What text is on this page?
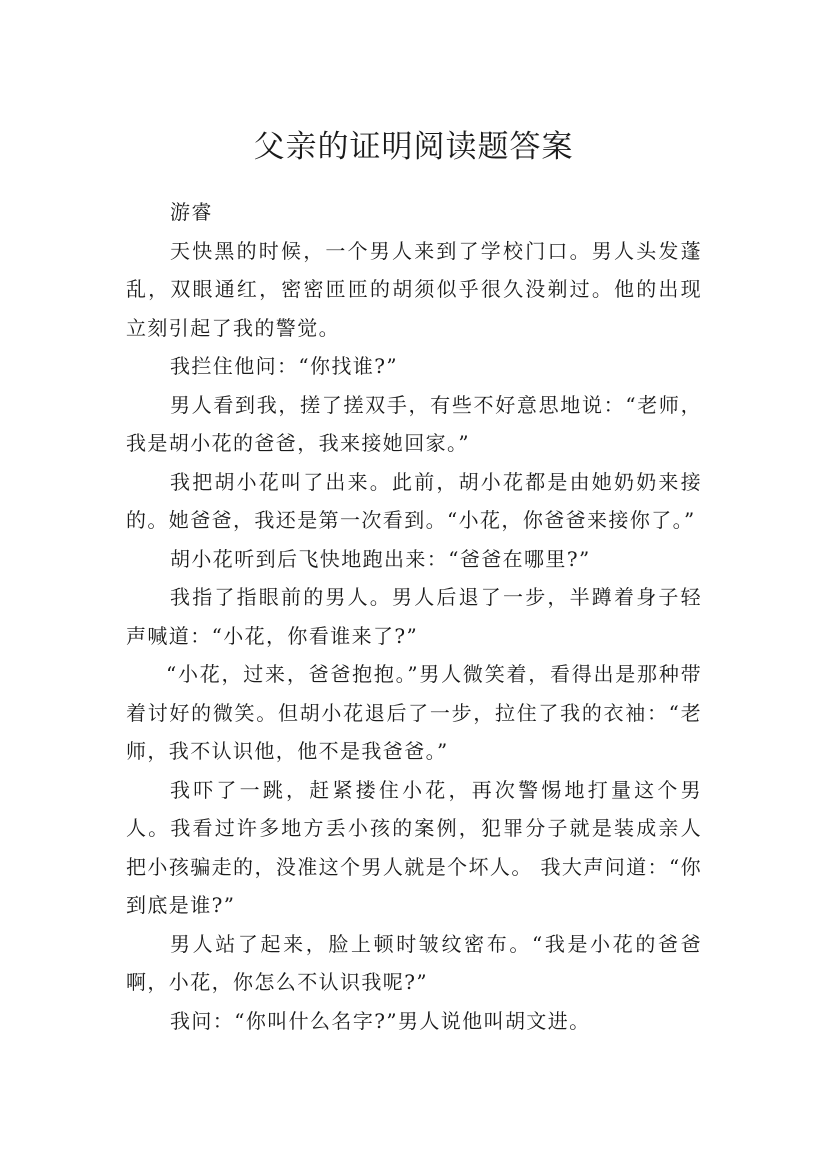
父亲的证明阅读题答案

游睿

天快黑的时候，一个男人来到了学校门口。男人头发蓬乱，双眼通红，密密匝匝的胡须似乎很久没剃过。他的出现立刻引起了我的警觉。

我拦住他问：“你找谁?”

男人看到我，搓了搓双手，有些不好意思地说：“老师，我是胡小花的爸爸，我来接她回家。”

我把胡小花叫了出来。此前，胡小花都是由她奶奶来接的。她爸爸，我还是第一次看到。“小花，你爸爸来接你了。”

胡小花听到后飞快地跑出来：“爸爸在哪里?”

我指了指眼前的男人。男人后退了一步，半蹲着身子轻声喊道：“小花，你看谁来了?”

“小花，过来，爸爸抱抱。”男人微笑着，看得出是那种带着讨好的微笑。但胡小花退后了一步，拉住了我的衣袖：“老师，我不认识他，他不是我爸爸。”

我吓了一跳，赶紧搂住小花，再次警惕地打量这个男人。我看过许多地方丢小孩的案例，犯罪分子就是装成亲人把小孩骗走的，没准这个男人就是个坏人。 我大声问道：“你到底是谁?”

男人站了起来，脸上顿时皱纹密布。“我是小花的爸爸啊，小花，你怎么不认识我呢?”

我问：“你叫什么名字?”男人说他叫胡文进。
